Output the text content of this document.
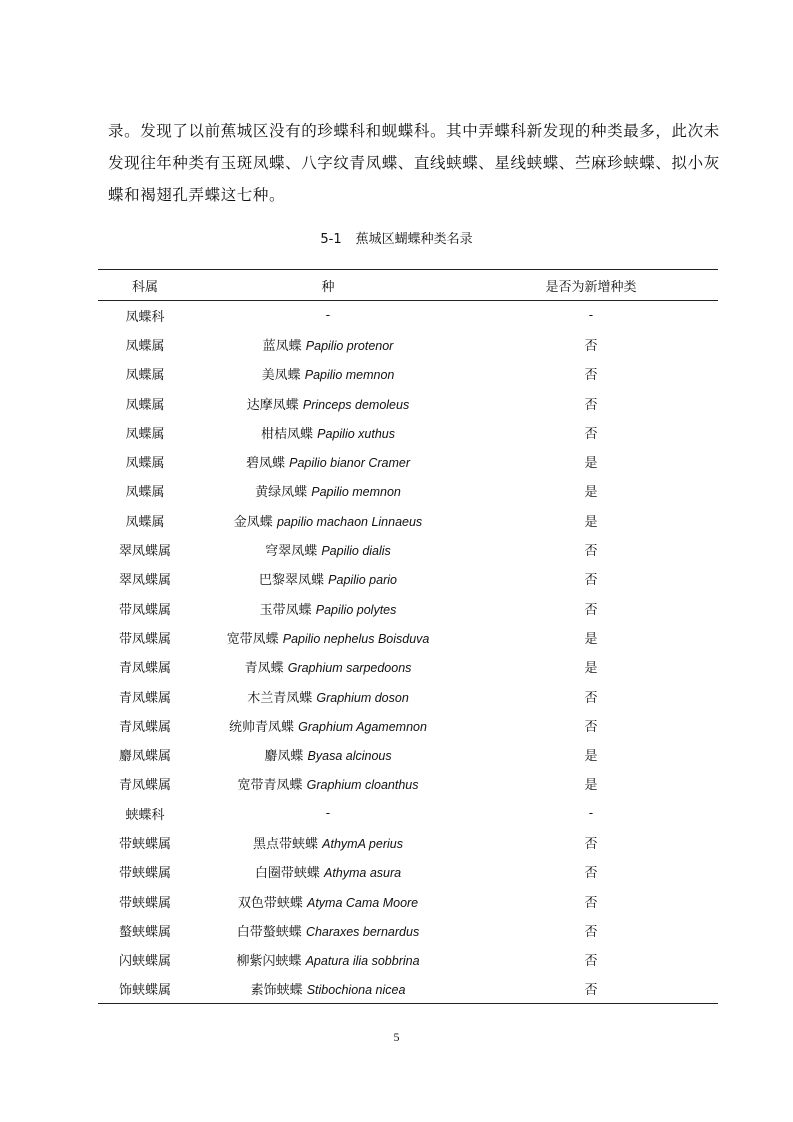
录。发现了以前蕉城区没有的珍蝶科和蚬蝶科。其中弄蝶科新发现的种类最多，此次未
发现往年种类有玉斑凤蝶、八字纹青凤蝶、直线蛱蝶、星线蛱蝶、苎麻珍蛱蝶、拟小灰
蝶和褐翅孔弄蝶这七种。
5-1 蕉城区蝴蝶种类名录
科属	种	是否为新增种类
凤蝶科	-	-
凤蝶属	蓝凤蝶 Papilio protenor	否
凤蝶属	美凤蝶 Papilio memnon	否
凤蝶属	达摩凤蝶 Princeps demoleus	否
凤蝶属	柑桔凤蝶 Papilio xuthus	否
凤蝶属	碧凤蝶 Papilio bianor Cramer	是
凤蝶属	黄绿凤蝶 Papilio memnon	是
凤蝶属	金凤蝶 papilio machaon Linnaeus	是
翠凤蝶属	穹翠凤蝶 Papilio dialis	否
翠凤蝶属	巴黎翠凤蝶 Papilio pario	否
带凤蝶属	玉带凤蝶 Papilio polytes	否
带凤蝶属	宽带凤蝶 Papilio nephelus Boisduva	是
青凤蝶属	青凤蝶 Graphium sarpedoons	是
青凤蝶属	木兰青凤蝶 Graphium doson	否
青凤蝶属	统帅青凤蝶 Graphium Agamemnon	否
麝凤蝶属	麝凤蝶 Byasa alcinous	是
青凤蝶属	宽带青凤蝶 Graphium cloanthus	是
蛱蝶科	-	-
带蛱蝶属	黑点带蛱蝶 AthymA perius	否
带蛱蝶属	白圈带蛱蝶 Athyma asura	否
带蛱蝶属	双色带蛱蝶 Atyma Cama Moore	否
螯蛱蝶属	白带螯蛱蝶 Charaxes bernardus	否
闪蛱蝶属	柳紫闪蛱蝶 Apatura ilia sobbrina	否
饰蛱蝶属	素饰蛱蝶 Stibochiona nicea	否
5
